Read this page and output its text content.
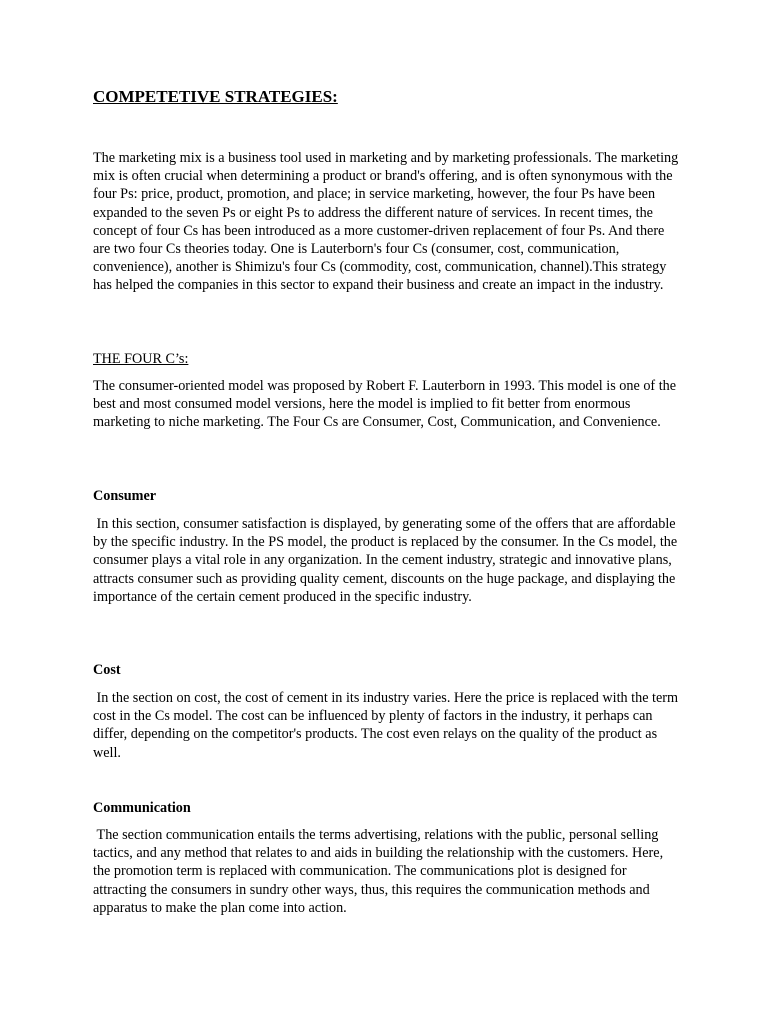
COMPETETIVE STRATEGIES:

The marketing mix is a business tool used in marketing and by marketing professionals. The marketing mix is often crucial when determining a product or brand's offering, and is often synonymous with the four Ps: price, product, promotion, and place; in service marketing, however, the four Ps have been expanded to the seven Ps or eight Ps to address the different nature of services. In recent times, the concept of four Cs has been introduced as a more customer-driven replacement of four Ps. And there are two four Cs theories today. One is Lauterborn's four Cs (consumer, cost, communication, convenience), another is Shimizu's four Cs (commodity, cost, communication, channel).This strategy has helped the companies in this sector to expand their business and create an impact in the industry.

THE FOUR C’s:

The consumer-oriented model was proposed by Robert F. Lauterborn in 1993. This model is one of the best and most consumed model versions, here the model is implied to fit better from enormous marketing to niche marketing. The Four Cs are Consumer, Cost, Communication, and Convenience.

Consumer

In this section, consumer satisfaction is displayed, by generating some of the offers that are affordable by the specific industry. In the PS model, the product is replaced by the consumer. In the Cs model, the consumer plays a vital role in any organization. In the cement industry, strategic and innovative plans, attracts consumer such as providing quality cement, discounts on the huge package, and displaying the importance of the certain cement produced in the specific industry.

Cost

In the section on cost, the cost of cement in its industry varies. Here the price is replaced with the term cost in the Cs model. The cost can be influenced by plenty of factors in the industry, it perhaps can differ, depending on the competitor's products. The cost even relays on the quality of the product as well.

Communication

The section communication entails the terms advertising, relations with the public, personal selling tactics, and any method that relates to and aids in building the relationship with the customers. Here, the promotion term is replaced with communication. The communications plot is designed for attracting the consumers in sundry other ways, thus, this requires the communication methods and apparatus to make the plan come into action.
